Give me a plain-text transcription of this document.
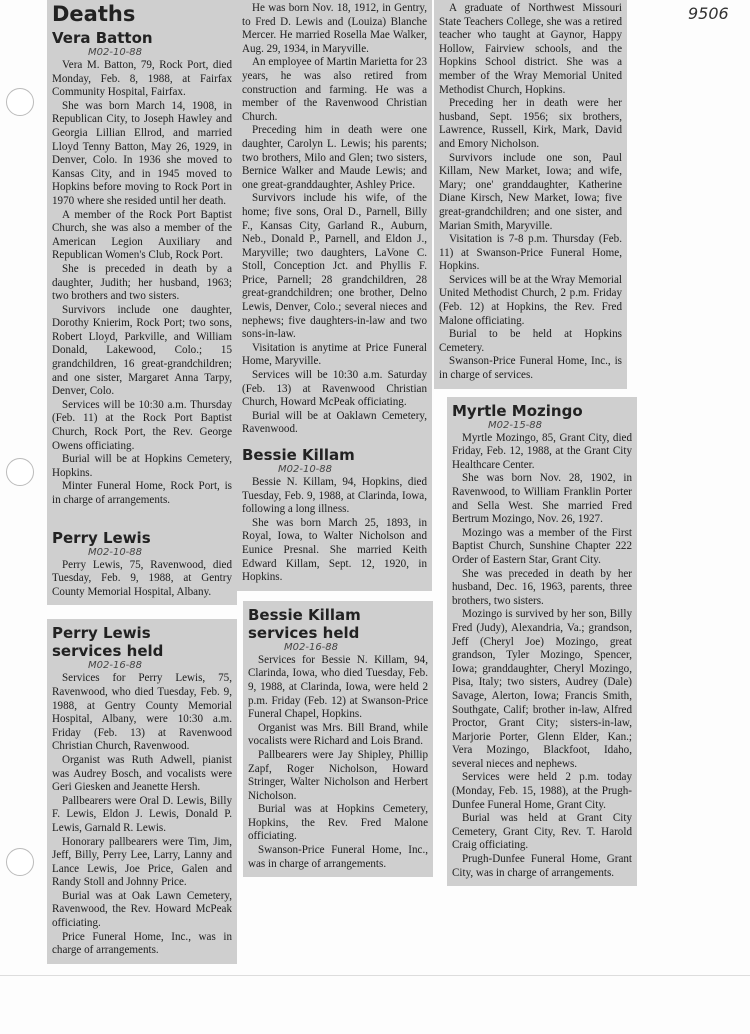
9506
Deaths
Vera Batton
M02-10-88

Vera M. Batton, 79, Rock Port, died Monday, Feb. 8, 1988, at Fairfax Community Hospital, Fairfax.

She was born March 14, 1908, in Republican City, to Joseph Hawley and Georgia Lillian Ellrod, and married Lloyd Tenny Batton, May 26, 1929, in Denver, Colo. In 1936 she moved to Kansas City, and in 1945 moved to Hopkins before moving to Rock Port in 1970 where she resided until her death.

A member of the Rock Port Baptist Church, she was also a member of the American Legion Auxiliary and Republican Women's Club, Rock Port.

She is preceded in death by a daughter, Judith; her husband, 1963; two brothers and two sisters.

Survivors include one daughter, Dorothy Knierim, Rock Port; two sons, Robert Lloyd, Parkville, and William Donald, Lakewood, Colo.; 15 grandchildren, 16 great-grandchildren; and one sister, Margaret Anna Tarpy, Denver, Colo.

Services will be 10:30 a.m. Thursday (Feb. 11) at the Rock Port Baptist Church, Rock Port, the Rev. George Owens officiating.

Burial will be at Hopkins Cemetery, Hopkins.

Minter Funeral Home, Rock Port, is in charge of arrangements.

Perry Lewis
M02-10-88

Perry Lewis, 75, Ravenwood, died Tuesday, Feb. 9, 1988, at Gentry County Memorial Hospital, Albany.

Perry Lewis services held
M02-16-88

Services for Perry Lewis, 75, Ravenwood, who died Tuesday, Feb. 9, 1988, at Gentry County Memorial Hospital, Albany, were 10:30 a.m. Friday (Feb. 13) at Ravenwood Christian Church, Ravenwood.

Organist was Ruth Adwell, pianist was Audrey Bosch, and vocalists were Geri Giesken and Jeanette Hersh.

Pallbearers were Oral D. Lewis, Billy F. Lewis, Eldon J. Lewis, Donald P. Lewis, Garnald R. Lewis.

Honorary pallbearers were Tim, Jim, Jeff, Billy, Perry Lee, Larry, Lanny and Lance Lewis, Joe Price, Galen and Randy Stoll and Johnny Price.

Burial was at Oak Lawn Cemetery, Ravenwood, the Rev. Howard McPeak officiating.

Price Funeral Home, Inc., was in charge of arrangements.

He was born Nov. 18, 1912, in Gentry, to Fred D. Lewis and (Louiza) Blanche Mercer. He married Rosella Mae Walker, Aug. 29, 1934, in Maryville.

An employee of Martin Marietta for 23 years, he was also retired from construction and farming. He was a member of the Ravenwood Christian Church.

Preceding him in death were one daughter, Carolyn L. Lewis; his parents; two brothers, Milo and Glen; two sisters, Bernice Walker and Maude Lewis; and one great-granddaughter, Ashley Price.

Survivors include his wife, of the home; five sons, Oral D., Parnell, Billy F., Kansas City, Garland R., Auburn, Neb., Donald P., Parnell, and Eldon J., Maryville; two daughters, LaVone C. Stoll, Conception Jct. and Phyllis F. Price, Parnell; 28 grandchildren, 28 great-grandchildren; one brother, Delno Lewis, Denver, Colo.; several nieces and nephews; five daughters-in-law and two sons-in-law.

Visitation is anytime at Price Funeral Home, Maryville.

Services will be 10:30 a.m. Saturday (Feb. 13) at Ravenwood Christian Church, Howard McPeak officiating.

Burial will be at Oaklawn Cemetery, Ravenwood.

Bessie Killam
M02-10-88

Bessie N. Killam, 94, Hopkins, died Tuesday, Feb. 9, 1988, at Clarinda, Iowa, following a long illness.

She was born March 25, 1893, in Royal, Iowa, to Walter Nicholson and Eunice Presnal. She married Keith Edward Killam, Sept. 12, 1920, in Hopkins.

Bessie Killam services held
M02-16-88

Services for Bessie N. Killam, 94, Clarinda, Iowa, who died Tuesday, Feb. 9, 1988, at Clarinda, Iowa, were held 2 p.m. Friday (Feb. 12) at Swanson-Price Funeral Chapel, Hopkins.

Organist was Mrs. Bill Brand, while vocalists were Richard and Lois Brand.

Pallbearers were Jay Shipley, Phillip Zapf, Roger Nicholson, Howard Stringer, Walter Nicholson and Herbert Nicholson.

Burial was at Hopkins Cemetery, Hopkins, the Rev. Fred Malone officiating.

Swanson-Price Funeral Home, Inc., was in charge of arrangements.

A graduate of Northwest Missouri State Teachers College, she was a retired teacher who taught at Gaynor, Happy Hollow, Fairview schools, and the Hopkins School district. She was a member of the Wray Memorial United Methodist Church, Hopkins.

Preceding her in death were her husband, Sept. 1956; six brothers, Lawrence, Russell, Kirk, Mark, David and Emory Nicholson.

Survivors include one son, Paul Killam, New Market, Iowa; and wife, Mary; one' granddaughter, Katherine Diane Kirsch, New Market, Iowa; five great-grandchildren; and one sister, and Marian Smith, Maryville.

Visitation is 7-8 p.m. Thursday (Feb. 11) at Swanson-Price Funeral Home, Hopkins.

Services will be at the Wray Memorial United Methodist Church, 2 p.m. Friday (Feb. 12) at Hopkins, the Rev. Fred Malone officiating.

Burial to be held at Hopkins Cemetery.

Swanson-Price Funeral Home, Inc., is in charge of services.

Myrtle Mozingo
M02-15-88

Myrtle Mozingo, 85, Grant City, died Friday, Feb. 12, 1988, at the Grant City Healthcare Center.

She was born Nov. 28, 1902, in Ravenwood, to William Franklin Porter and Sella West. She married Fred Bertrum Mozingo, Nov. 26, 1927.

Mozingo was a member of the First Baptist Church, Sunshine Chapter 222 Order of Eastern Star, Grant City.

She was preceded in death by her husband, Dec. 16, 1963, parents, three brothers, two sisters.

Mozingo is survived by her son, Billy Fred (Judy), Alexandria, Va.; grandson, Jeff (Cheryl Joe) Mozingo, great grandson, Tyler Mozingo, Spencer, Iowa; granddaughter, Cheryl Mozingo, Pisa, Italy; two sisters, Audrey (Dale) Savage, Alerton, Iowa; Francis Smith, Southgate, Calif; brother in-law, Alfred Proctor, Grant City; sisters-in-law, Marjorie Porter, Glenn Elder, Kan.; Vera Mozingo, Blackfoot, Idaho, several nieces and nephews.

Services were held 2 p.m. today (Monday, Feb. 15, 1988), at the Prugh-Dunfee Funeral Home, Grant City.

Burial was held at Grant City Cemetery, Grant City, Rev. T. Harold Craig officiating.

Prugh-Dunfee Funeral Home, Grant City, was in charge of arrangements.
